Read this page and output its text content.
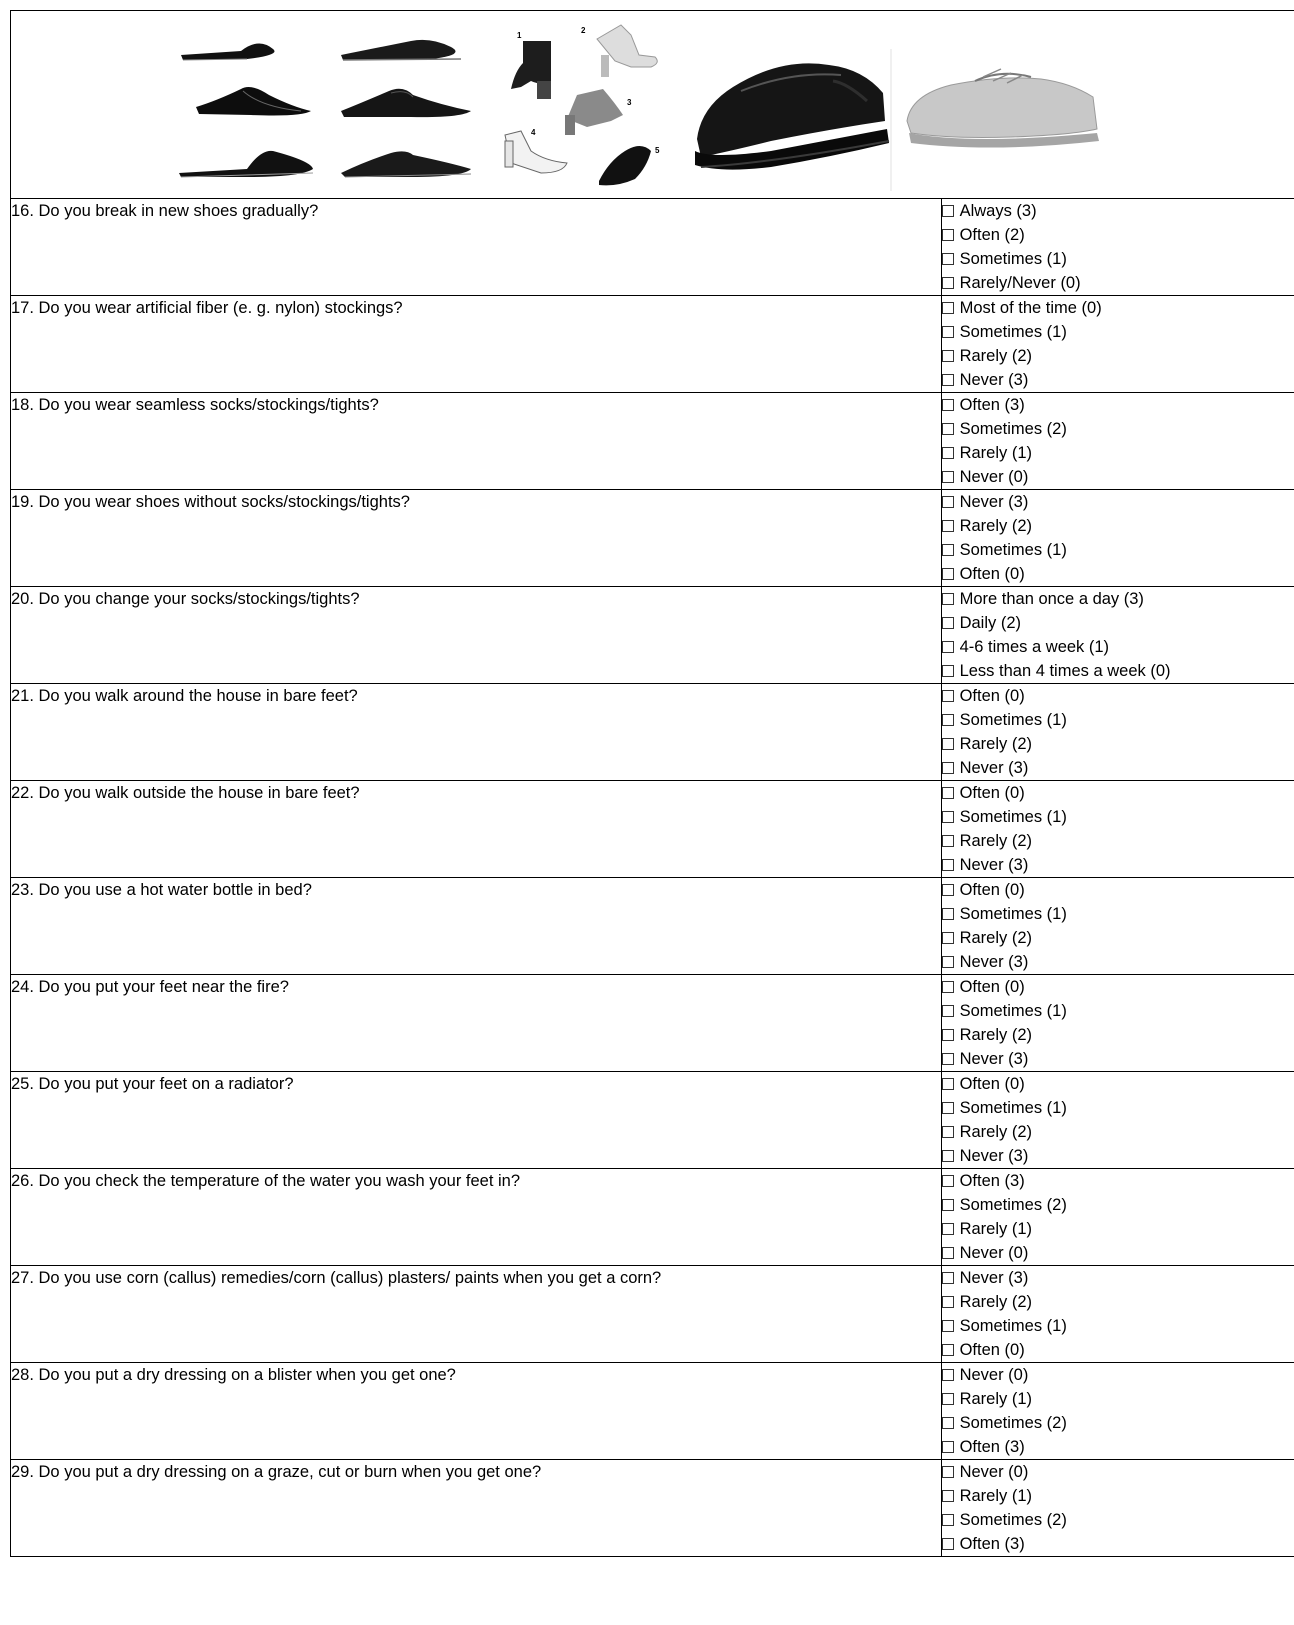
1
2
3
4
5
16. Do you break in new shoes gradually?	Always (3)
Often (2)
Sometimes (1)
Rarely/Never (0)

17. Do you wear artificial fiber (e. g. nylon) stockings?	Most of the time (0)
Sometimes (1)
Rarely (2)
Never (3)

18. Do you wear seamless socks/stockings/tights?	Often (3)
Sometimes (2)
Rarely (1)
Never (0)

19. Do you wear shoes without socks/stockings/tights?	Never (3)
Rarely (2)
Sometimes (1)
Often (0)

20. Do you change your socks/stockings/tights?	More than once a day (3)
Daily (2)
4-6 times a week (1)
Less than 4 times a week (0)

21. Do you walk around the house in bare feet?	Often (0)
Sometimes (1)
Rarely (2)
Never (3)

22. Do you walk outside the house in bare feet?	Often (0)
Sometimes (1)
Rarely (2)
Never (3)

23. Do you use a hot water bottle in bed?	Often (0)
Sometimes (1)
Rarely (2)
Never (3)

24. Do you put your feet near the fire?	Often (0)
Sometimes (1)
Rarely (2)
Never (3)

25. Do you put your feet on a radiator?	Often (0)
Sometimes (1)
Rarely (2)
Never (3)

26. Do you check the temperature of the water you wash your feet in?	Often (3)
Sometimes (2)
Rarely (1)
Never (0)

27. Do you use corn (callus) remedies/corn (callus) plasters/ paints when you get a corn?	Never (3)
Rarely (2)
Sometimes (1)
Often (0)

28. Do you put a dry dressing on a blister when you get one?	Never (0)
Rarely (1)
Sometimes (2)
Often (3)

29. Do you put a dry dressing on a graze, cut or burn when you get one?	Never (0)
Rarely (1)
Sometimes (2)
Often (3)
